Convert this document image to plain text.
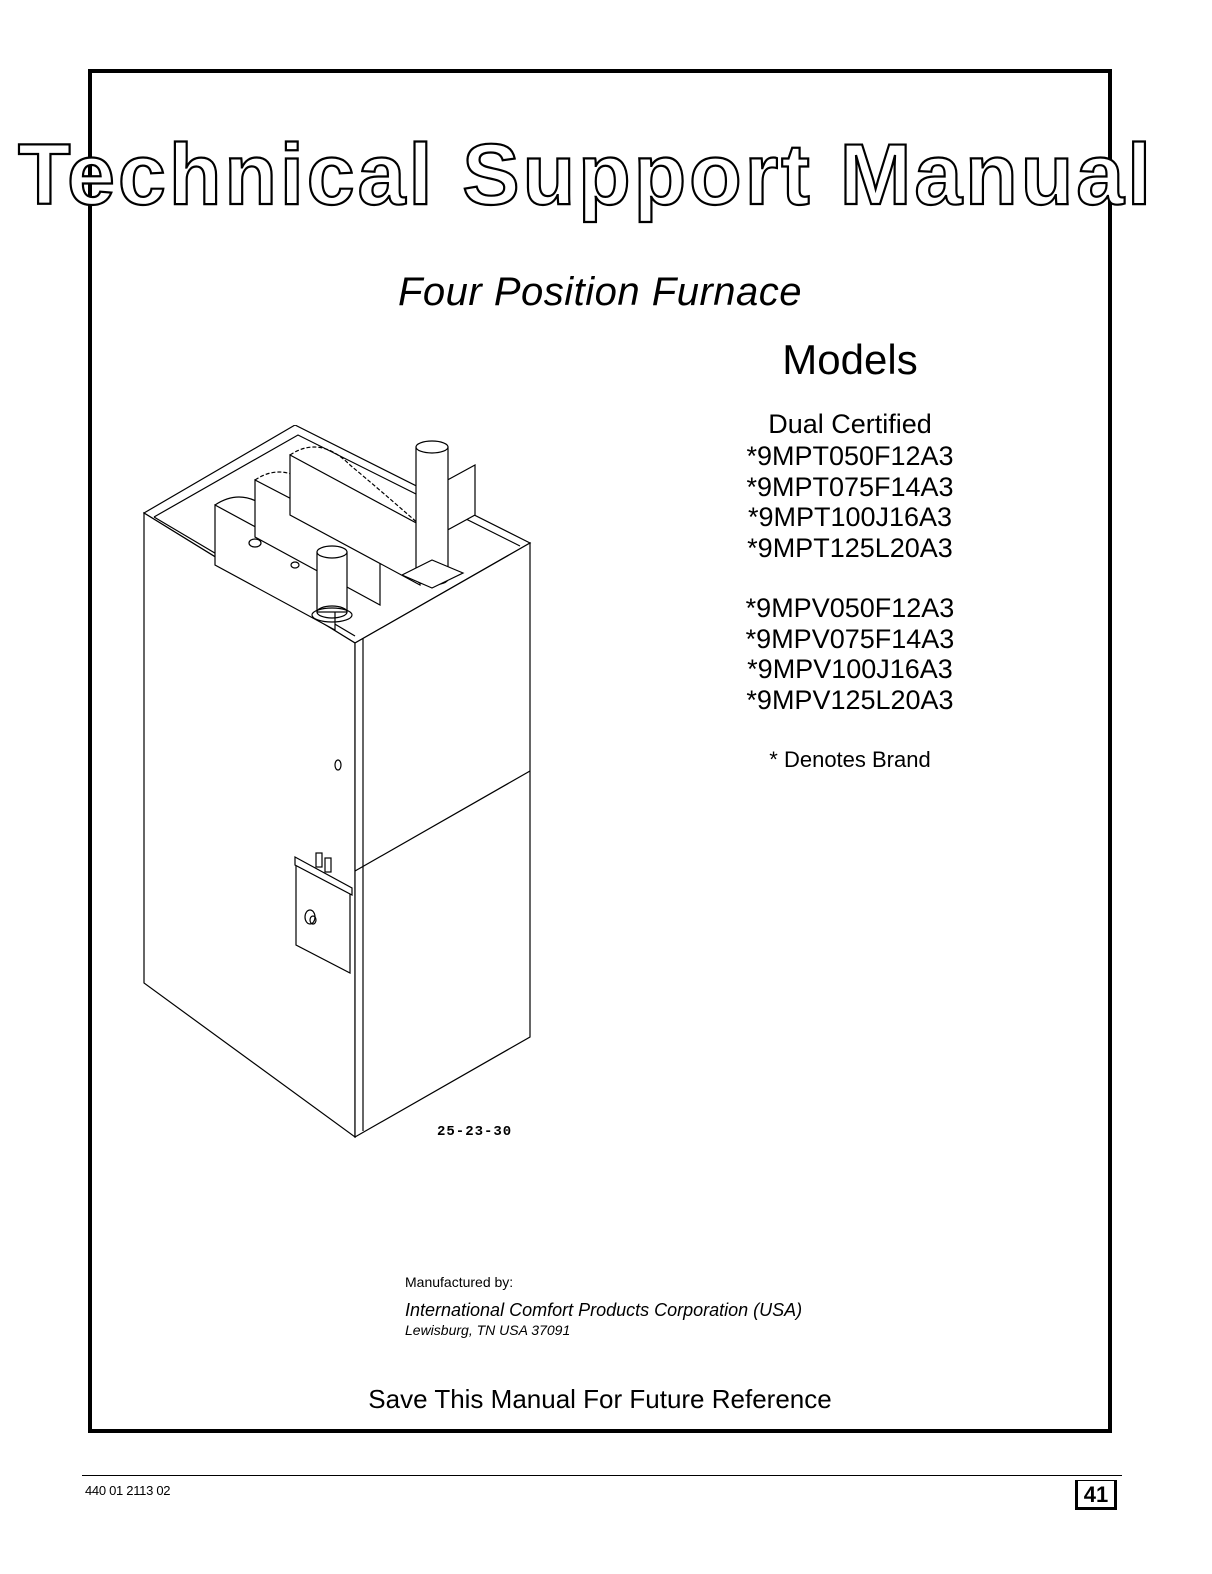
Technical Support Manual
Four Position Furnace
Models
Dual Certified
*9MPT050F12A3
*9MPT075F14A3
*9MPT100J16A3
*9MPT125L20A3
*9MPV050F12A3
*9MPV075F14A3
*9MPV100J16A3
*9MPV125L20A3
* Denotes Brand
25-23-30
Manufactured by:
International Comfort Products Corporation (USA)
Lewisburg, TN USA 37091
Save This Manual For Future Reference
440 01 2113 02	41
